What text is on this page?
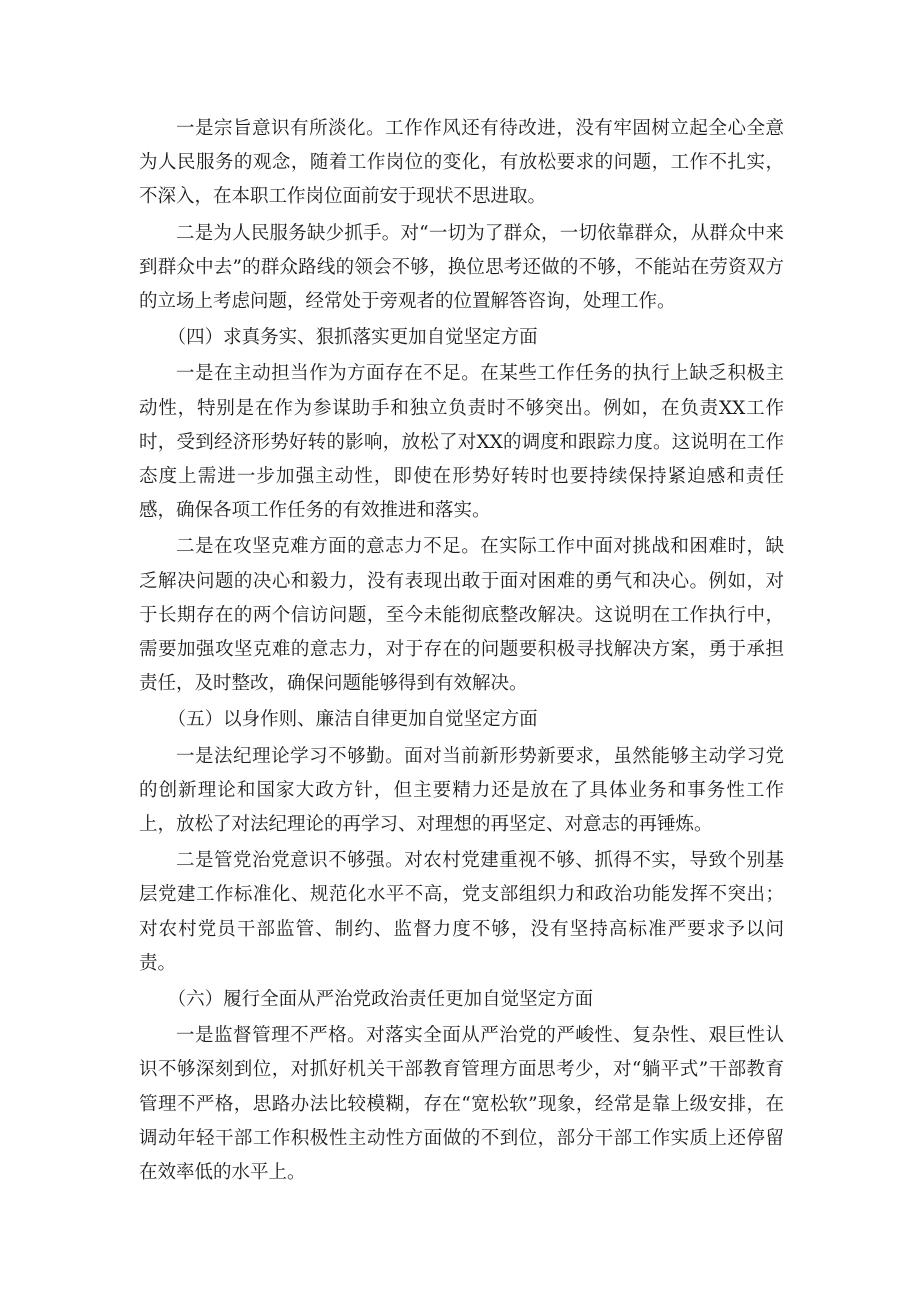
一是宗旨意识有所淡化。工作作风还有待改进，没有牢固树立起全心全意为人民服务的观念，随着工作岗位的变化，有放松要求的问题，工作不扎实，不深入，在本职工作岗位面前安于现状不思进取。

二是为人民服务缺少抓手。对“一切为了群众，一切依靠群众，从群众中来到群众中去”的群众路线的领会不够，换位思考还做的不够，不能站在劳资双方的立场上考虑问题，经常处于旁观者的位置解答咨询，处理工作。

（四）求真务实、狠抓落实更加自觉坚定方面

一是在主动担当作为方面存在不足。在某些工作任务的执行上缺乏积极主动性，特别是在作为参谋助手和独立负责时不够突出。例如，在负责XX工作时，受到经济形势好转的影响，放松了对XX的调度和跟踪力度。这说明在工作态度上需进一步加强主动性，即使在形势好转时也要持续保持紧迫感和责任感，确保各项工作任务的有效推进和落实。

二是在攻坚克难方面的意志力不足。在实际工作中面对挑战和困难时，缺乏解决问题的决心和毅力，没有表现出敢于面对困难的勇气和决心。例如，对于长期存在的两个信访问题，至今未能彻底整改解决。这说明在工作执行中，需要加强攻坚克难的意志力，对于存在的问题要积极寻找解决方案，勇于承担责任，及时整改，确保问题能够得到有效解决。

（五）以身作则、廉洁自律更加自觉坚定方面

一是法纪理论学习不够勤。面对当前新形势新要求，虽然能够主动学习党的创新理论和国家大政方针，但主要精力还是放在了具体业务和事务性工作上，放松了对法纪理论的再学习、对理想的再坚定、对意志的再锤炼。

二是管党治党意识不够强。对农村党建重视不够、抓得不实，导致个别基层党建工作标准化、规范化水平不高，党支部组织力和政治功能发挥不突出；对农村党员干部监管、制约、监督力度不够，没有坚持高标准严要求予以问责。

（六）履行全面从严治党政治责任更加自觉坚定方面

一是监督管理不严格。对落实全面从严治党的严峻性、复杂性、艰巨性认识不够深刻到位，对抓好机关干部教育管理方面思考少，对“躺平式”干部教育管理不严格，思路办法比较模糊，存在“宽松软”现象，经常是靠上级安排，在调动年轻干部工作积极性主动性方面做的不到位，部分干部工作实质上还停留在效率低的水平上。
